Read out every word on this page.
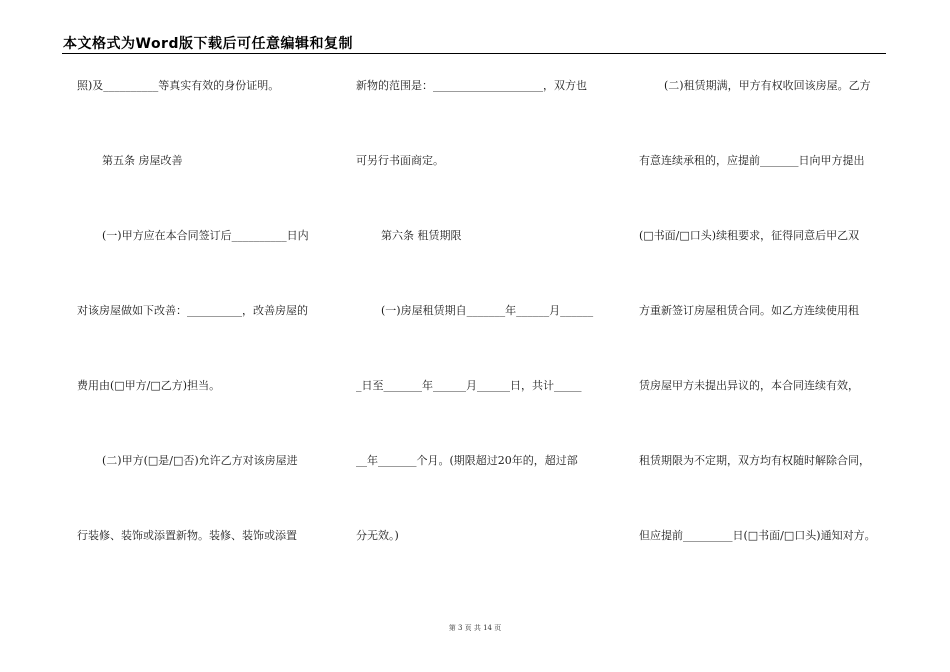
本文格式为Word版下载后可任意编辑和复制
照)及__________等真实有效的身份证明。
第五条 房屋改善
(一)甲方应在本合同签订后__________日内
对该房屋做如下改善：__________，改善房屋的
费用由(□甲方/□乙方)担当。
(二)甲方(□是/□否)允许乙方对该房屋进
行装修、装饰或添置新物。装修、装饰或添置
新物的范围是：____________________，双方也
可另行书面商定。
第六条 租赁期限
(一)房屋租赁期自_______年______月______
_日至_______年______月______日，共计_____
__年_______个月。(期限超过20年的，超过部
分无效。)
(二)租赁期满，甲方有权收回该房屋。乙方
有意连续承租的，应提前_______日向甲方提出
(□书面/□口头)续租要求，征得同意后甲乙双
方重新签订房屋租赁合同。如乙方连续使用租
赁房屋甲方未提出异议的，本合同连续有效，
租赁期限为不定期，双方均有权随时解除合同，
但应提前_________日(□书面/□口头)通知对方。
第 3 页 共 14 页
